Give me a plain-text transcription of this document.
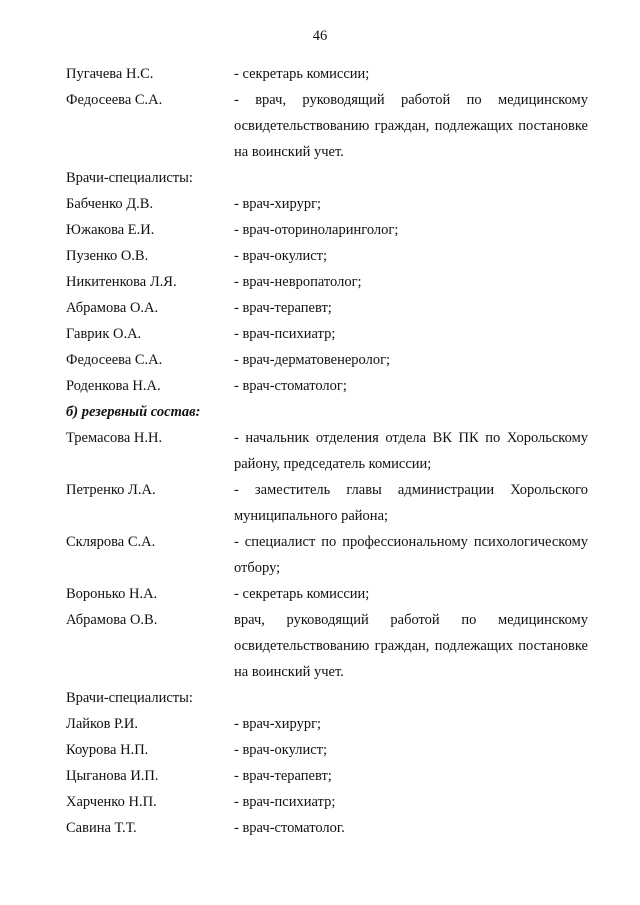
46
Пугачева Н.С.	- секретарь комиссии;
Федосеева С.А.	- врач, руководящий работой по медицинскому освидетельствованию граждан, подлежащих постановке на воинский учет.
Врачи-специалисты:
Бабченко Д.В.	- врач-хирург;
Южакова Е.И.	- врач-оториноларинголог;
Пузенко О.В.	- врач-окулист;
Никитенкова Л.Я.	- врач-невропатолог;
Абрамова О.А.	- врач-терапевт;
Гаврик О.А.	- врач-психиатр;
Федосеева С.А.	- врач-дерматовенеролог;
Роденкова Н.А.	- врач-стоматолог;
б) резервный состав:
Тремасова Н.Н.	- начальник отделения отдела ВК ПК по Хорольскому району, председатель комиссии;
Петренко Л.А.	- заместитель главы администрации Хорольского муниципального района;
Склярова С.А.	- специалист по профессиональному психологическому отбору;
Воронько Н.А.	- секретарь комиссии;
Абрамова О.В.	врач, руководящий работой по медицинскому освидетельствованию граждан, подлежащих постановке на воинский учет.
Врачи-специалисты:
Лайков Р.И.	- врач-хирург;
Коурова Н.П.	- врач-окулист;
Цыганова И.П.	- врач-терапевт;
Харченко Н.П.	- врач-психиатр;
Савина Т.Т.	- врач-стоматолог.
